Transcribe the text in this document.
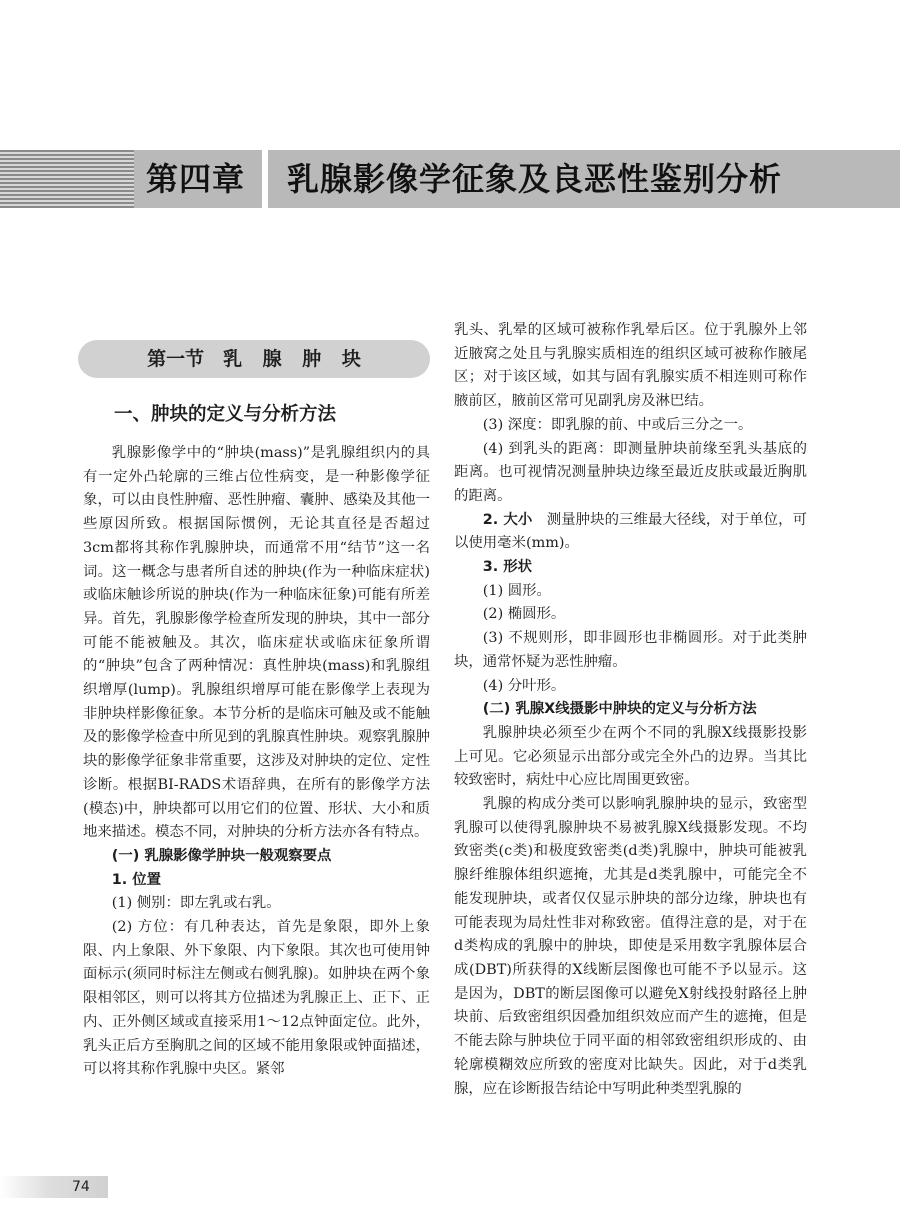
第四章 乳腺影像学征象及良恶性鉴别分析
第一节　乳 腺 肿 块
一、肿块的定义与分析方法

乳腺影像学中的“肿块(mass)”是乳腺组织内的具有一定外凸轮廓的三维占位性病变，是一种影像学征象，可以由良性肿瘤、恶性肿瘤、囊肿、感染及其他一些原因所致。根据国际惯例，无论其直径是否超过3cm都将其称作乳腺肿块，而通常不用“结节”这一名词。这一概念与患者所自述的肿块(作为一种临床症状)或临床触诊所说的肿块(作为一种临床征象)可能有所差异。首先，乳腺影像学检查所发现的肿块，其中一部分可能不能被触及。其次，临床症状或临床征象所谓的“肿块”包含了两种情况：真性肿块(mass)和乳腺组织增厚(lump)。乳腺组织增厚可能在影像学上表现为非肿块样影像征象。本节分析的是临床可触及或不能触及的影像学检查中所见到的乳腺真性肿块。观察乳腺肿块的影像学征象非常重要，这涉及对肿块的定位、定性诊断。根据BI-RADS术语辞典，在所有的影像学方法(模态)中，肿块都可以用它们的位置、形状、大小和质地来描述。模态不同，对肿块的分析方法亦各有特点。

(一) 乳腺影像学肿块一般观察要点

1. 位置

(1) 侧别：即左乳或右乳。

(2) 方位：有几种表达，首先是象限，即外上象限、内上象限、外下象限、内下象限。其次也可使用钟面标示(须同时标注左侧或右侧乳腺)。如肿块在两个象限相邻区，则可以将其方位描述为乳腺正上、正下、正内、正外侧区域或直接采用1～12点钟面定位。此外，乳头正后方至胸肌之间的区域不能用象限或钟面描述，可以将其称作乳腺中央区。紧邻

乳头、乳晕的区域可被称作乳晕后区。位于乳腺外上邻近腋窝之处且与乳腺实质相连的组织区域可被称作腋尾区；对于该区域，如其与固有乳腺实质不相连则可称作腋前区，腋前区常可见副乳房及淋巴结。

(3) 深度：即乳腺的前、中或后三分之一。

(4) 到乳头的距离：即测量肿块前缘至乳头基底的距离。也可视情况测量肿块边缘至最近皮肤或最近胸肌的距离。

2. 大小　 测量肿块的三维最大径线，对于单位，可以使用毫米(mm)。

3. 形状

(1) 圆形。

(2) 椭圆形。

(3) 不规则形，即非圆形也非椭圆形。对于此类肿块，通常怀疑为恶性肿瘤。

(4) 分叶形。

(二) 乳腺X线摄影中肿块的定义与分析方法

乳腺肿块必须至少在两个不同的乳腺X线摄影投影上可见。它必须显示出部分或完全外凸的边界。当其比较致密时，病灶中心应比周围更致密。

乳腺的构成分类可以影响乳腺肿块的显示，致密型乳腺可以使得乳腺肿块不易被乳腺X线摄影发现。不均致密类(c类)和极度致密类(d类)乳腺中，肿块可能被乳腺纤维腺体组织遮掩，尤其是d类乳腺中，可能完全不能发现肿块，或者仅仅显示肿块的部分边缘，肿块也有可能表现为局灶性非对称致密。值得注意的是，对于在d类构成的乳腺中的肿块，即使是采用数字乳腺体层合成(DBT)所获得的X线断层图像也可能不予以显示。这是因为，DBT的断层图像可以避免X射线投射路径上肿块前、后致密组织因叠加组织效应而产生的遮掩，但是不能去除与肿块位于同平面的相邻致密组织形成的、由轮廓模糊效应所致的密度对比缺失。因此，对于d类乳腺，应在诊断报告结论中写明此种类型乳腺的

74
